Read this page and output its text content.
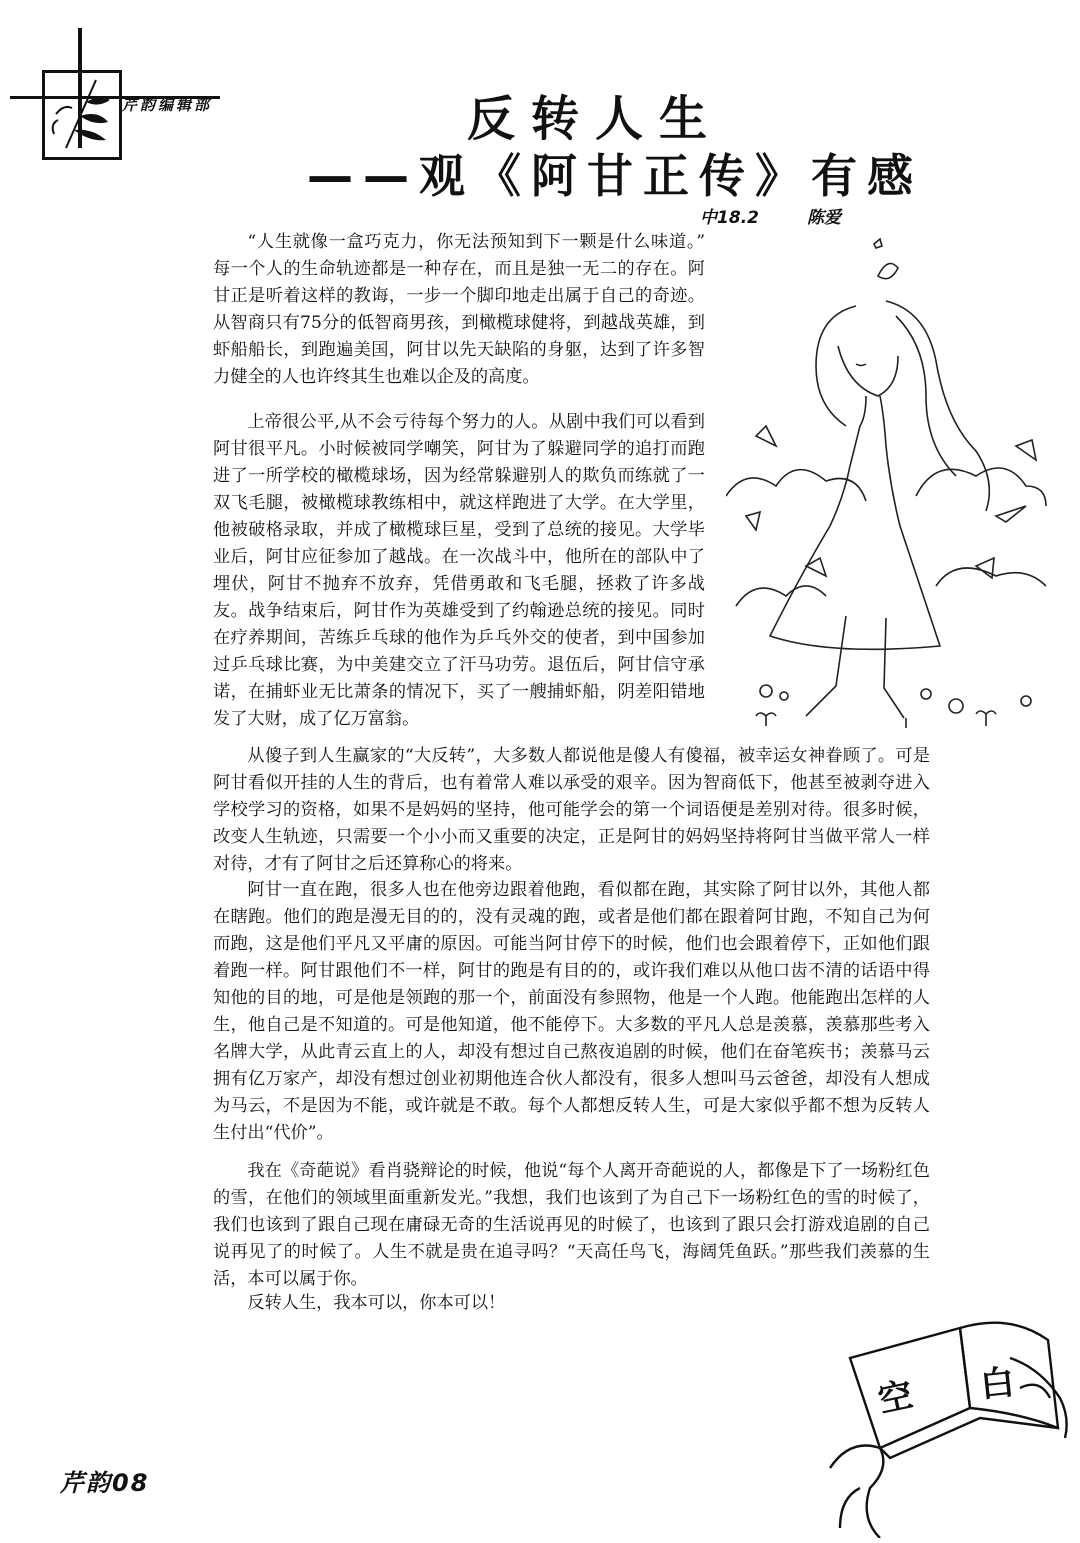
芹韵编辑部	反转人生
——观《阿甘正传》有感
中18.2	陈爱

“人生就像一盒巧克力，你无法预知到下一颗是什么味道。” 每一个人的生命轨迹都是一种存在，而且是独一无二的存在。阿甘正是听着这样的教诲，一步一个脚印地走出属于自己的奇迹。从智商只有75分的低智商男孩，到橄榄球健将，到越战英雄，到虾船船长，到跑遍美国，阿甘以先天缺陷的身躯，达到了许多智力健全的人也许终其生也难以企及的高度。

上帝很公平,从不会亏待每个努力的人。从剧中我们可以看到阿甘很平凡。小时候被同学嘲笑，阿甘为了躲避同学的追打而跑进了一所学校的橄榄球场，因为经常躲避别人的欺负而练就了一双飞毛腿，被橄榄球教练相中，就这样跑进了大学。在大学里，他被破格录取，并成了橄榄球巨星，受到了总统的接见。大学毕业后，阿甘应征参加了越战。在一次战斗中，他所在的部队中了埋伏，阿甘不抛弃不放弃，凭借勇敢和飞毛腿，拯救了许多战友。战争结束后，阿甘作为英雄受到了约翰逊总统的接见。同时在疗养期间，苦练乒乓球的他作为乒乓外交的使者，到中国参加过乒乓球比赛，为中美建交立了汗马功劳。退伍后，阿甘信守承诺，在捕虾业无比萧条的情况下，买了一艘捕虾船，阴差阳错地发了大财，成了亿万富翁。

从傻子到人生赢家的“大反转”，大多数人都说他是傻人有傻福，被幸运女神眷顾了。可是阿甘看似开挂的人生的背后，也有着常人难以承受的艰辛。因为智商低下，他甚至被剥夺进入学校学习的资格，如果不是妈妈的坚持，他可能学会的第一个词语便是差别对待。很多时候，改变人生轨迹，只需要一个小小而又重要的决定，正是阿甘的妈妈坚持将阿甘当做平常人一样对待，才有了阿甘之后还算称心的将来。

阿甘一直在跑，很多人也在他旁边跟着他跑，看似都在跑，其实除了阿甘以外，其他人都在瞎跑。他们的跑是漫无目的的，没有灵魂的跑，或者是他们都在跟着阿甘跑，不知自己为何而跑，这是他们平凡又平庸的原因。可能当阿甘停下的时候，他们也会跟着停下，正如他们跟着跑一样。阿甘跟他们不一样，阿甘的跑是有目的的，或许我们难以从他口齿不清的话语中得知他的目的地，可是他是领跑的那一个，前面没有参照物，他是一个人跑。他能跑出怎样的人生，他自己是不知道的。可是他知道，他不能停下。大多数的平凡人总是羡慕，羡慕那些考入名牌大学，从此青云直上的人，却没有想过自己熬夜追剧的时候，他们在奋笔疾书；羡慕马云拥有亿万家产，却没有想过创业初期他连合伙人都没有，很多人想叫马云爸爸，却没有人想成为马云，不是因为不能，或许就是不敢。每个人都想反转人生，可是大家似乎都不想为反转人生付出“代价”。

我在《奇葩说》看肖骁辩论的时候，他说“每个人离开奇葩说的人，都像是下了一场粉红色的雪，在他们的领域里面重新发光。”我想，我们也该到了为自己下一场粉红色的雪的时候了，我们也该到了跟自己现在庸碌无奇的生活说再见的时候了，也该到了跟只会打游戏追剧的自己说再见了的时候了。人生不就是贵在追寻吗？“天高任鸟飞，海阔凭鱼跃。”那些我们羡慕的生活，本可以属于你。

反转人生，我本可以，你本可以！

空 白
芹韵08
